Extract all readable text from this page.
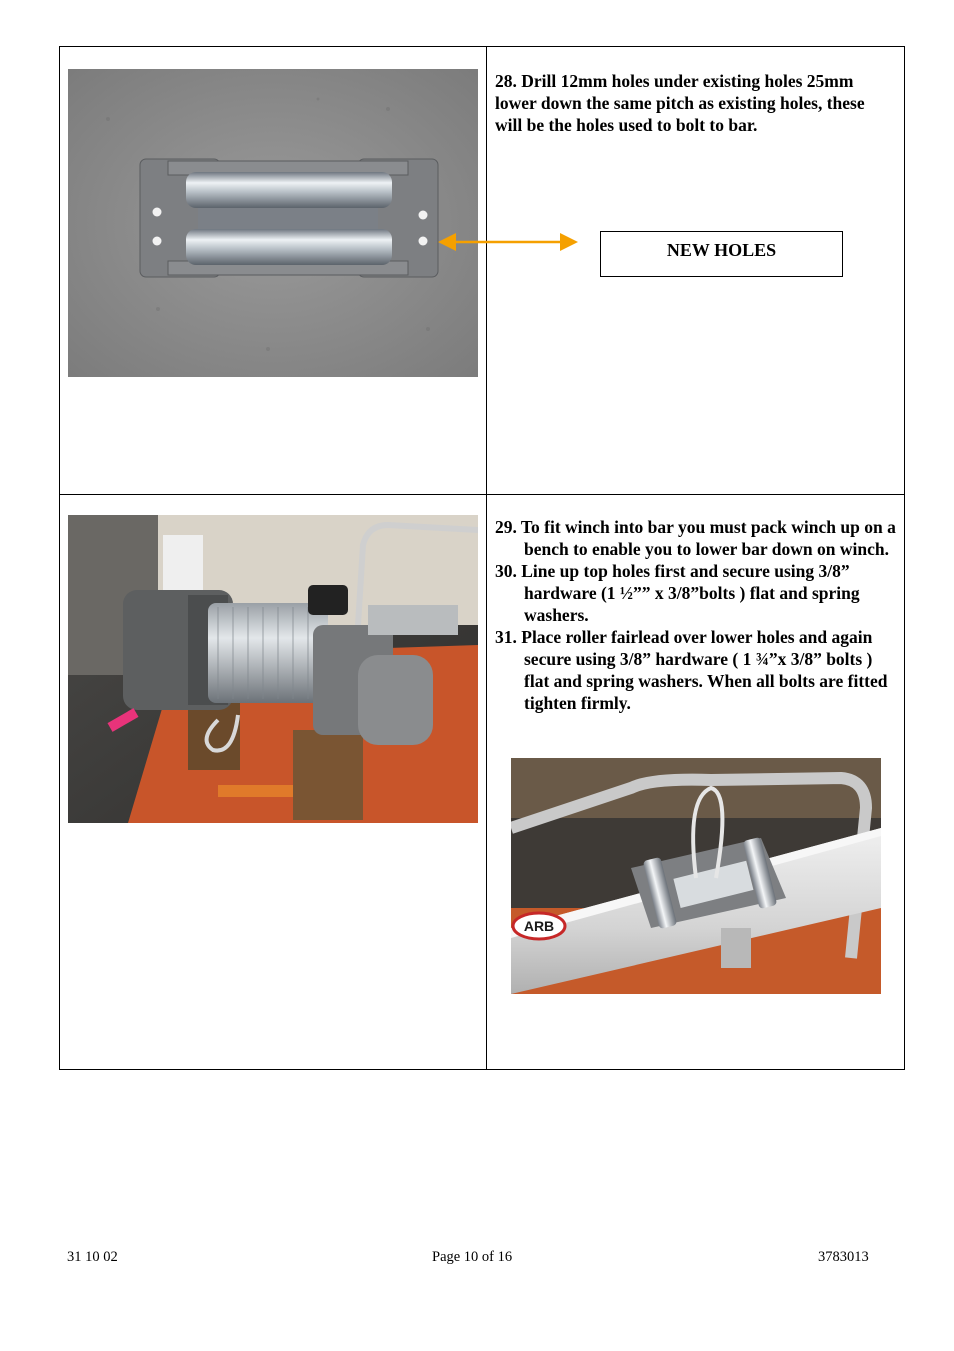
28. Drill 12mm holes under existing holes 25mm lower down the same pitch as existing holes, these will be the holes used to bolt to bar.

NEW HOLES

29. To fit winch into bar you must pack winch up on a bench to enable you to lower bar down on winch.

30. Line up top holes first and secure using 3/8” hardware (1 ½”” x 3/8”bolts ) flat and spring washers.

31. Place roller fairlead over lower holes and again secure using 3/8” hardware ( 1 ¾”x 3/8” bolts ) flat and spring washers. When all bolts are fitted tighten firmly.

ARB
31 10 02	Page 10 of 16	3783013
